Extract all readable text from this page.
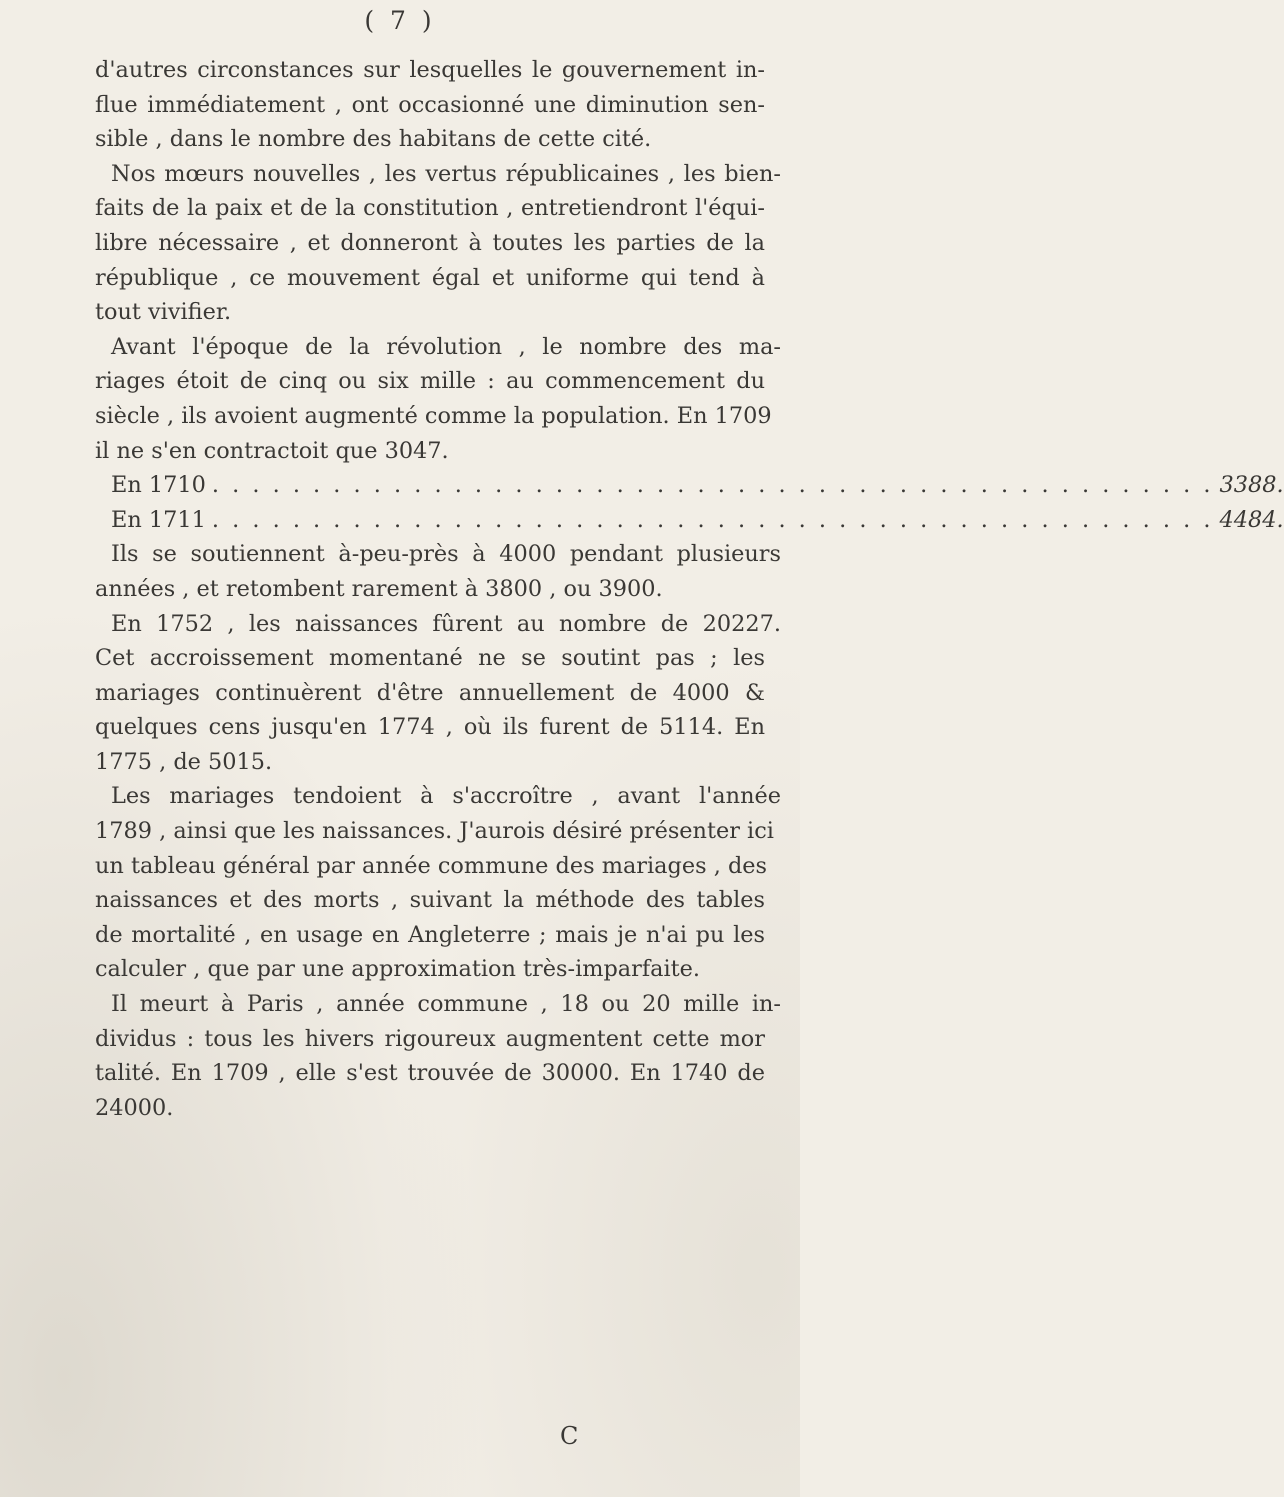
( 7 )
d'autres circonstances sur lesquelles le gouvernement in-
flue immédiatement , ont occasionné une diminution sen-
sible , dans le nombre des habitans de cette cité.
Nos mœurs nouvelles , les vertus républicaines , les bien-
faits de la paix et de la constitution , entretiendront l'équi-
libre nécessaire , et donneront à toutes les parties de la
république , ce mouvement égal et uniforme qui tend à
tout vivifier.
Avant l'époque de la révolution , le nombre des ma-
riages étoit de cinq ou six mille : au commencement du
siècle , ils avoient augmenté comme la population. En 1709
il ne s'en contractoit que 3047.
En 1710 . . . . . . . . . . . . . . . . . . . . . . . . . . . . . . . . . . . . . . . . . . . . . . . . . . 3388.
En 1711 . . . . . . . . . . . . . . . . . . . . . . . . . . . . . . . . . . . . . . . . . . . . . . . . . . 4484.
Ils se soutiennent à-peu-près à 4000 pendant plusieurs
années , et retombent rarement à 3800 , ou 3900.
En 1752 , les naissances fûrent au nombre de 20227.
Cet accroissement momentané ne se soutint pas ; les
mariages continuèrent d'être annuellement de 4000 &
quelques cens jusqu'en 1774 , où ils furent de 5114. En
1775 , de 5015.
Les mariages tendoient à s'accroître , avant l'année
1789 , ainsi que les naissances. J'aurois désiré présenter ici
un tableau général par année commune des mariages , des
naissances et des morts , suivant la méthode des tables
de mortalité , en usage en Angleterre ; mais je n'ai pu les
calculer , que par une approximation très-imparfaite.
Il meurt à Paris , année commune , 18 ou 20 mille in-
dividus : tous les hivers rigoureux augmentent cette mor
talité. En 1709 , elle s'est trouvée de 30000. En 1740 de
24000.
C
